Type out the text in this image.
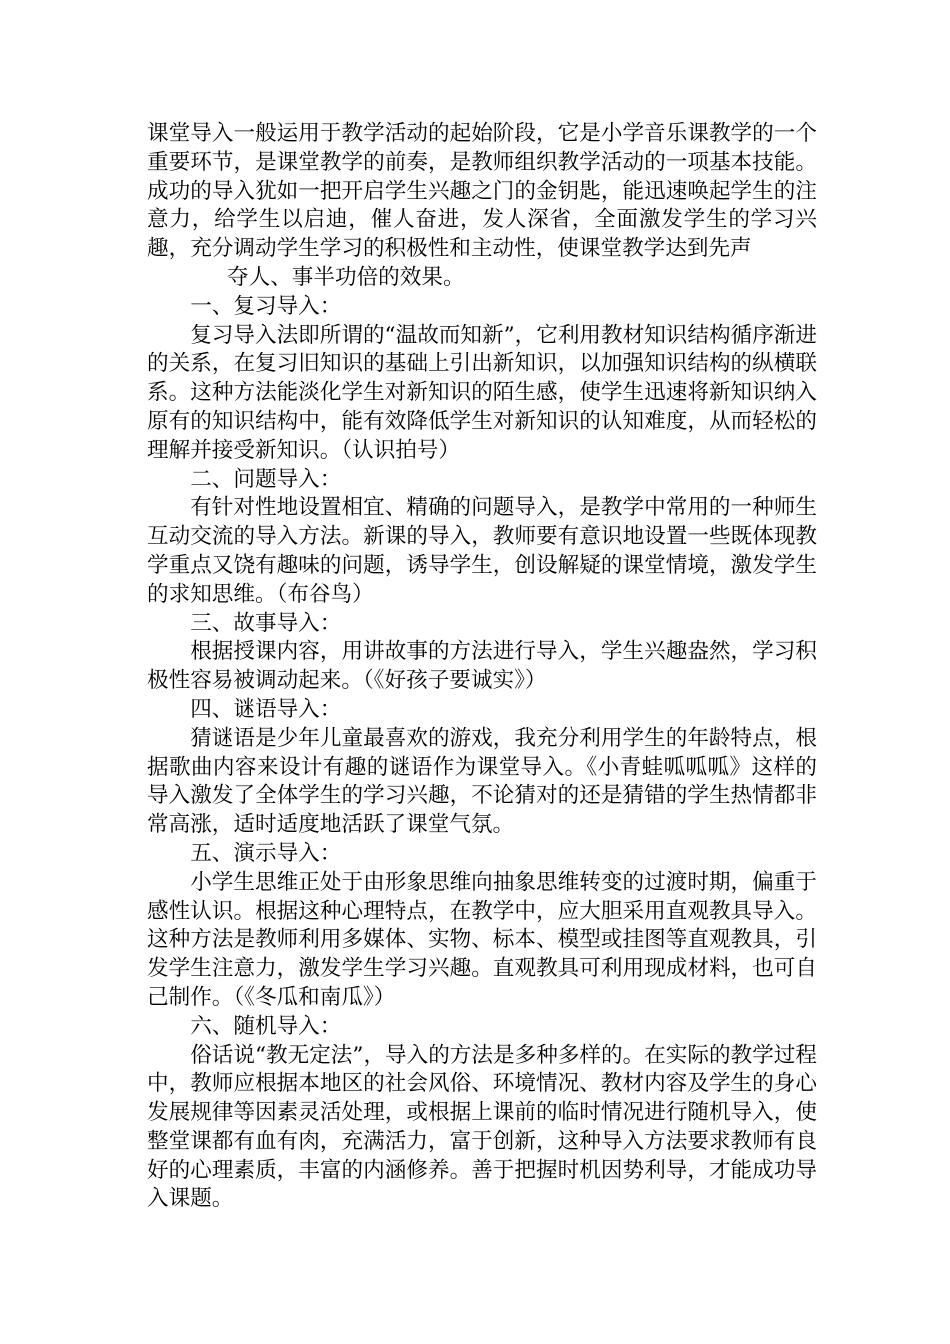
课堂导入一般运用于教学活动的起始阶段，它是小学音乐课教学的一个重要环节，是课堂教学的前奏，是教师组织教学活动的一项基本技能。成功的导入犹如一把开启学生兴趣之门的金钥匙，能迅速唤起学生的注意力，给学生以启迪，催人奋进，发人深省，全面激发学生的学习兴趣，充分调动学生学习的积极性和主动性，使课堂教学达到先声
夺人、事半功倍的效果。

一、复习导入：

复习导入法即所谓的“温故而知新”，它利用教材知识结构循序渐进的关系，在复习旧知识的基础上引出新知识，以加强知识结构的纵横联系。这种方法能淡化学生对新知识的陌生感，使学生迅速将新知识纳入原有的知识结构中，能有效降低学生对新知识的认知难度，从而轻松的理解并接受新知识。（认识拍号）

二、问题导入：

有针对性地设置相宜、精确的问题导入，是教学中常用的一种师生互动交流的导入方法。新课的导入，教师要有意识地设置一些既体现教学重点又饶有趣味的问题，诱导学生，创设解疑的课堂情境，激发学生的求知思维。（布谷鸟）

三、故事导入：

根据授课内容，用讲故事的方法进行导入，学生兴趣盎然，学习积极性容易被调动起来。（《好孩子要诚实》）

四、谜语导入：

猜谜语是少年儿童最喜欢的游戏，我充分利用学生的年龄特点，根据歌曲内容来设计有趣的谜语作为课堂导入。《小青蛙呱呱呱》这样的导入激发了全体学生的学习兴趣，不论猜对的还是猜错的学生热情都非常高涨，适时适度地活跃了课堂气氛。

五、演示导入：

小学生思维正处于由形象思维向抽象思维转变的过渡时期，偏重于感性认识。根据这种心理特点，在教学中，应大胆采用直观教具导入。这种方法是教师利用多媒体、实物、标本、模型或挂图等直观教具，引发学生注意力，激发学生学习兴趣。直观教具可利用现成材料，也可自己制作。（《冬瓜和南瓜》）

六、随机导入：

俗话说“教无定法”，导入的方法是多种多样的。在实际的教学过程中，教师应根据本地区的社会风俗、环境情况、教材内容及学生的身心发展规律等因素灵活处理，或根据上课前的临时情况进行随机导入，使整堂课都有血有肉，充满活力，富于创新，这种导入方法要求教师有良好的心理素质，丰富的内涵修养。善于把握时机因势利导，才能成功导入课题。
